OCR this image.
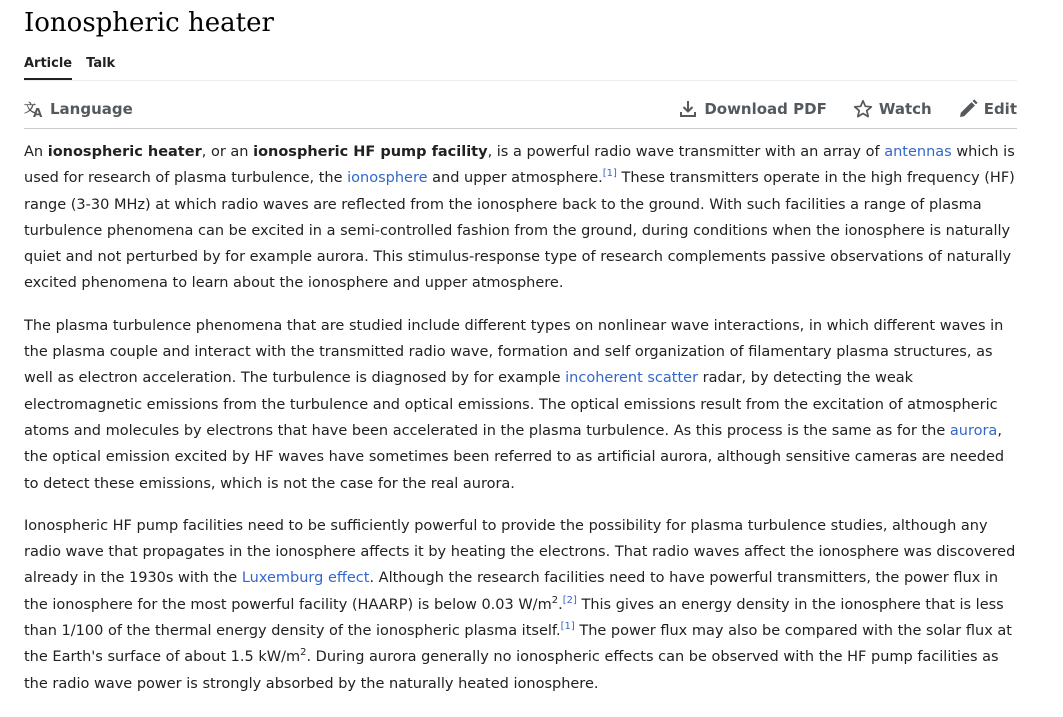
Ionospheric heater
Article Talk
文
A Language	Download PDF	Watch	Edit

An ionospheric heater, or an ionospheric HF pump facility, is a powerful radio wave transmitter with an array of antennas which is used for research of plasma turbulence, the ionosphere and upper atmosphere.[1] These transmitters operate in the high frequency (HF) range (3-30 MHz) at which radio waves are reflected from the ionosphere back to the ground. With such facilities a range of plasma turbulence phenomena can be excited in a semi-controlled fashion from the ground, during conditions when the ionosphere is naturally quiet and not perturbed by for example aurora. This stimulus-response type of research complements passive observations of naturally excited phenomena to learn about the ionosphere and upper atmosphere.

The plasma turbulence phenomena that are studied include different types on nonlinear wave interactions, in which different waves in the plasma couple and interact with the transmitted radio wave, formation and self organization of filamentary plasma structures, as well as electron acceleration. The turbulence is diagnosed by for example incoherent scatter radar, by detecting the weak electromagnetic emissions from the turbulence and optical emissions. The optical emissions result from the excitation of atmospheric atoms and molecules by electrons that have been accelerated in the plasma turbulence. As this process is the same as for the aurora, the optical emission excited by HF waves have sometimes been referred to as artificial aurora, although sensitive cameras are needed to detect these emissions, which is not the case for the real aurora.

Ionospheric HF pump facilities need to be sufficiently powerful to provide the possibility for plasma turbulence studies, although any radio wave that propagates in the ionosphere affects it by heating the electrons. That radio waves affect the ionosphere was discovered already in the 1930s with the Luxemburg effect. Although the research facilities need to have powerful transmitters, the power flux in the ionosphere for the most powerful facility (HAARP) is below 0.03 $W/m^2.[2]$ This gives an energy density in the ionosphere that is less than 1/100 of the thermal energy density of the ionospheric plasma itself.[1] The power flux may also be compared with the solar flux at the Earth's surface of about 1.5 $kW/m^2$. During aurora generally no ionospheric effects can be observed with the HF pump facilities as the radio wave power is strongly absorbed by the naturally heated ionosphere.
